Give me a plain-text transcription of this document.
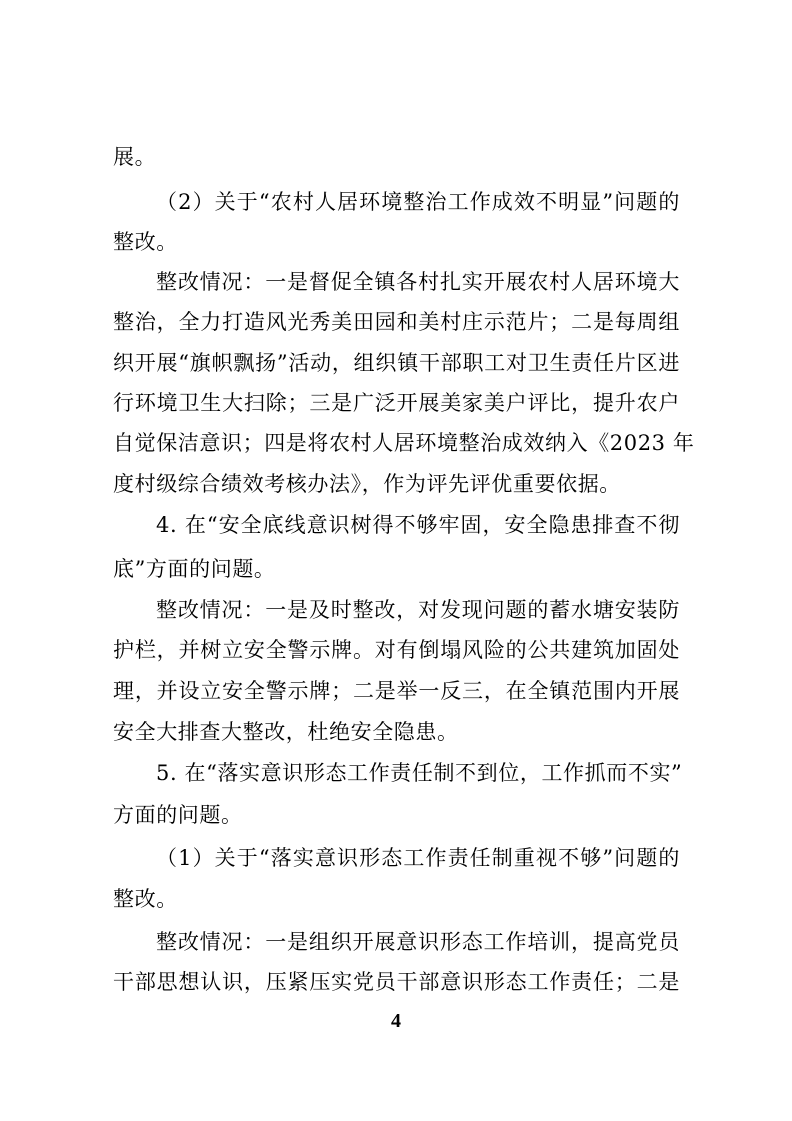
展。
（2）关于“农村人居环境整治工作成效不明显”问题的
整改。
整改情况：一是督促全镇各村扎实开展农村人居环境大
整治，全力打造风光秀美田园和美村庄示范片；二是每周组
织开展“旗帜飘扬”活动，组织镇干部职工对卫生责任片区进
行环境卫生大扫除；三是广泛开展美家美户评比，提升农户
自觉保洁意识；四是将农村人居环境整治成效纳入《2023 年
度村级综合绩效考核办法》，作为评先评优重要依据。
4. 在“安全底线意识树得不够牢固，安全隐患排查不彻
底”方面的问题。
整改情况：一是及时整改，对发现问题的蓄水塘安装防
护栏，并树立安全警示牌。对有倒塌风险的公共建筑加固处
理，并设立安全警示牌；二是举一反三，在全镇范围内开展
安全大排查大整改，杜绝安全隐患。
5. 在“落实意识形态工作责任制不到位，工作抓而不实”
方面的问题。
（1）关于“落实意识形态工作责任制重视不够”问题的
整改。
整改情况：一是组织开展意识形态工作培训，提高党员
干部思想认识，压紧压实党员干部意识形态工作责任；二是
4
